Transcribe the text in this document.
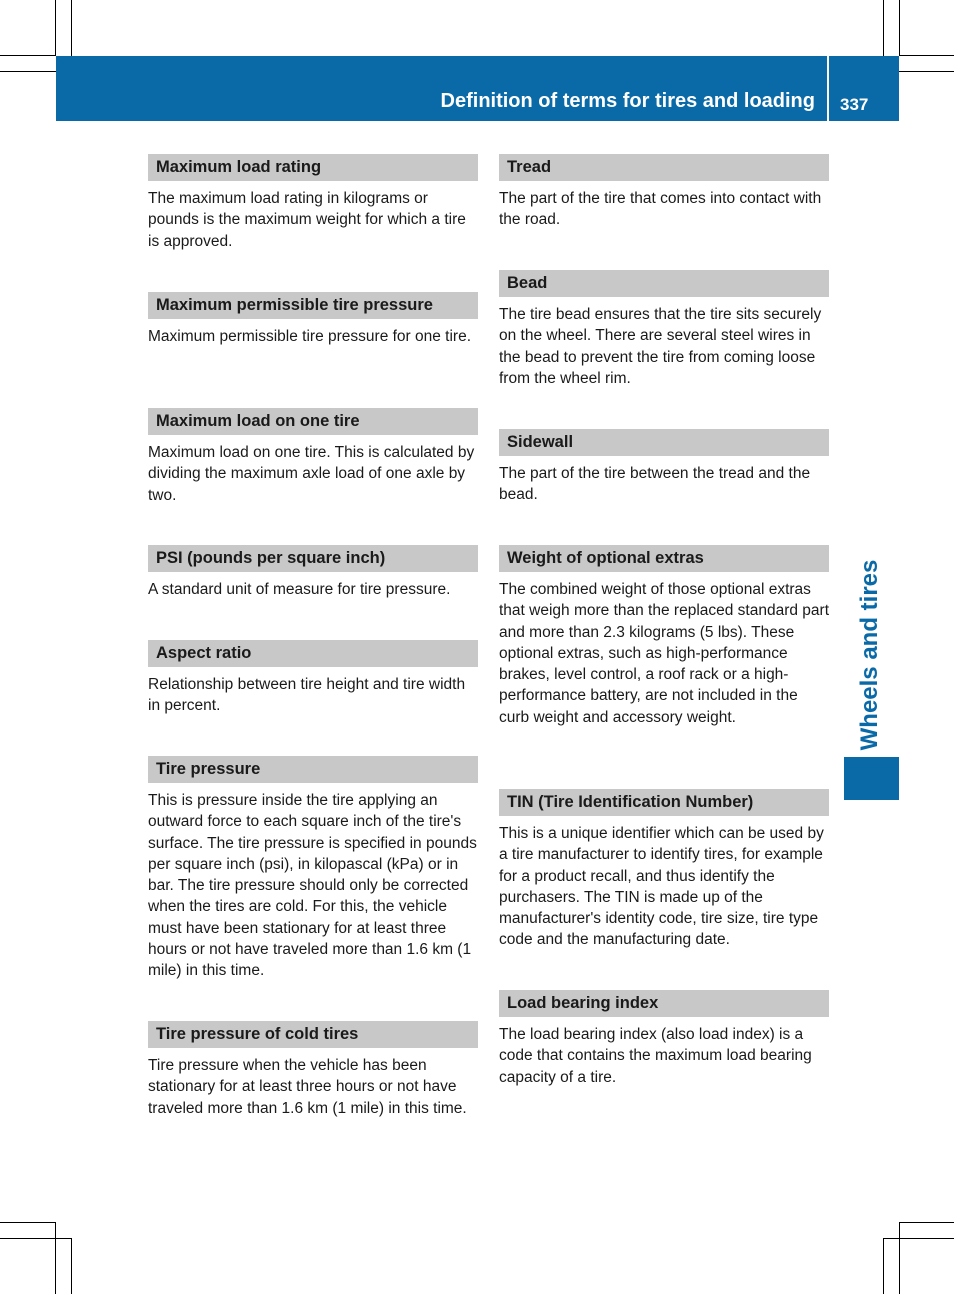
Definition of terms for tires and loading 337
Wheels and tires
Maximum load rating
The maximum load rating in kilograms or pounds is the maximum weight for which a tire is approved.
Maximum permissible tire pressure
Maximum permissible tire pressure for one tire.
Maximum load on one tire
Maximum load on one tire. This is calculated by dividing the maximum axle load of one axle by two.
PSI (pounds per square inch)
A standard unit of measure for tire pressure.
Aspect ratio
Relationship between tire height and tire width in percent.
Tire pressure
This is pressure inside the tire applying an outward force to each square inch of the tire's surface. The tire pressure is specified in pounds per square inch (psi), in kilopascal (kPa) or in bar. The tire pressure should only be corrected when the tires are cold. For this, the vehicle must have been stationary for at least three hours or not have traveled more than 1.6 km (1 mile) in this time.
Tire pressure of cold tires
Tire pressure when the vehicle has been stationary for at least three hours or not have traveled more than 1.6 km (1 mile) in this time.
Tread
The part of the tire that comes into contact with the road.
Bead
The tire bead ensures that the tire sits securely on the wheel. There are several steel wires in the bead to prevent the tire from coming loose from the wheel rim.
Sidewall
The part of the tire between the tread and the bead.
Weight of optional extras
The combined weight of those optional extras that weigh more than the replaced standard part and more than 2.3 kilograms (5 lbs). These optional extras, such as high-performance brakes, level control, a roof rack or a high-performance battery, are not included in the curb weight and accessory weight.
TIN (Tire Identification Number)
This is a unique identifier which can be used by a tire manufacturer to identify tires, for example for a product recall, and thus identify the purchasers. The TIN is made up of the manufacturer's identity code, tire size, tire type code and the manufacturing date.
Load bearing index
The load bearing index (also load index) is a code that contains the maximum load bearing capacity of a tire.
